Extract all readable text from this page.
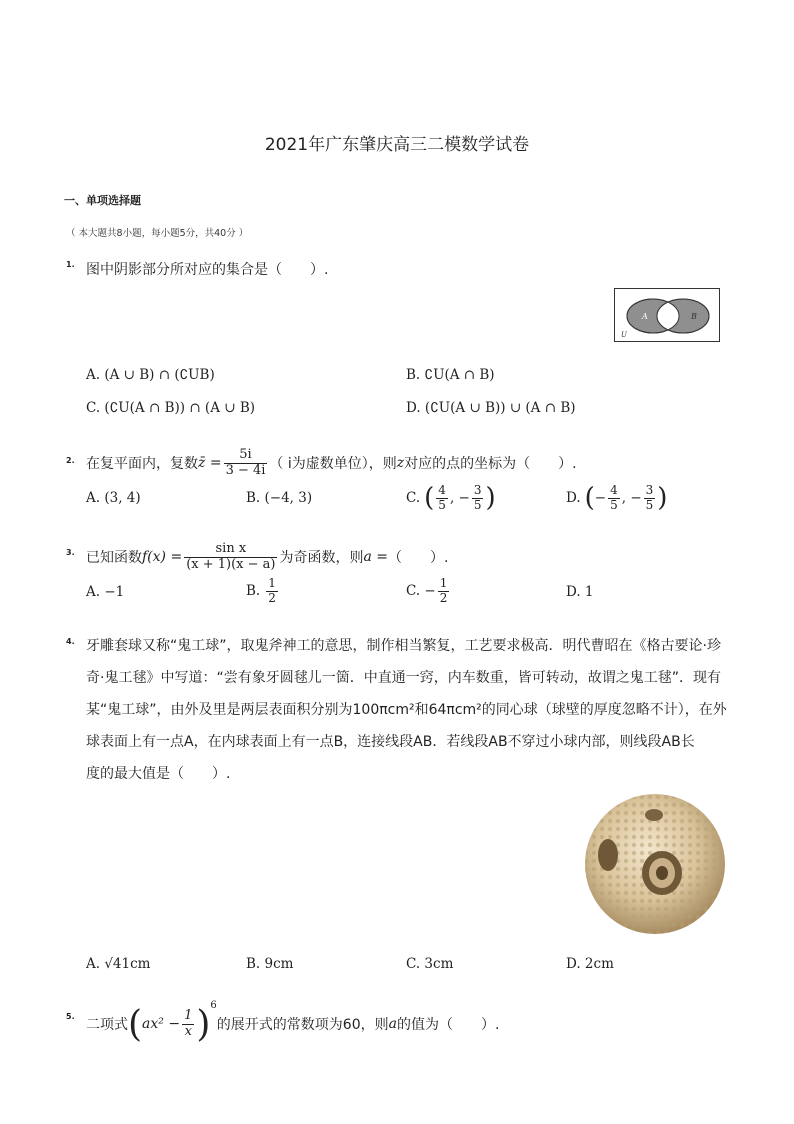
2021年广东肇庆高三二模数学试卷
一、单项选择题
（ 本大题共8小题，每小题5分，共40分 ）
1. 图中阴影部分所对应的集合是（　　）.
A	B
U
A. (A ∪ B) ∩ (∁UB)	B. ∁U(A ∩ B)
C. (∁U(A ∩ B)) ∩ (A ∪ B)	D. (∁U(A ∪ B)) ∪ (A ∩ B)
2. 在复平面内，复数 z̄ = $\frac{5i}{3 - 4i}$ （ i为虚数单位），则 z 对应的点的坐标为（　　）.
A. (3, 4)	B. (−4, 3)	C. ( $\frac{4}{5}$ , − $\frac{3}{5}$ )	D. ( − $\frac{4}{5}$ , − $\frac{3}{5}$ )
3. 已知函数 $f(x) = \frac{\text{sin x}}{(x + 1)(x - a)}$ 为奇函数，则 a = （　　）.
A. −1	B. $\frac{1}{2}$	C. − $\frac{1}{2}$	D. 1
4. 牙雕套球又称“鬼工球”，取鬼斧神工的意思，制作相当繁复，工艺要求极高．明代曹昭在《格古要论·珍
奇·鬼工毬》中写道：“尝有象牙圆毬儿一箇．中直通一窍，内车数重，皆可转动，故谓之鬼工毬”．现有
某“鬼工球”，由外及里是两层表面积分别为100πcm²和64πcm²的同心球（球壁的厚度忽略不计），在外
球表面上有一点A，在内球表面上有一点B，连接线段AB．若线段AB不穿过小球内部，则线段AB长
度的最大值是（　　）.
A. √41cm	B. 9cm	C. 3cm	D. 2cm
5.
二项式 ( $ax^2 - \frac{1}{x}$ ) 6
的展开式的常数项为60，则 a 的值为（　　）.
